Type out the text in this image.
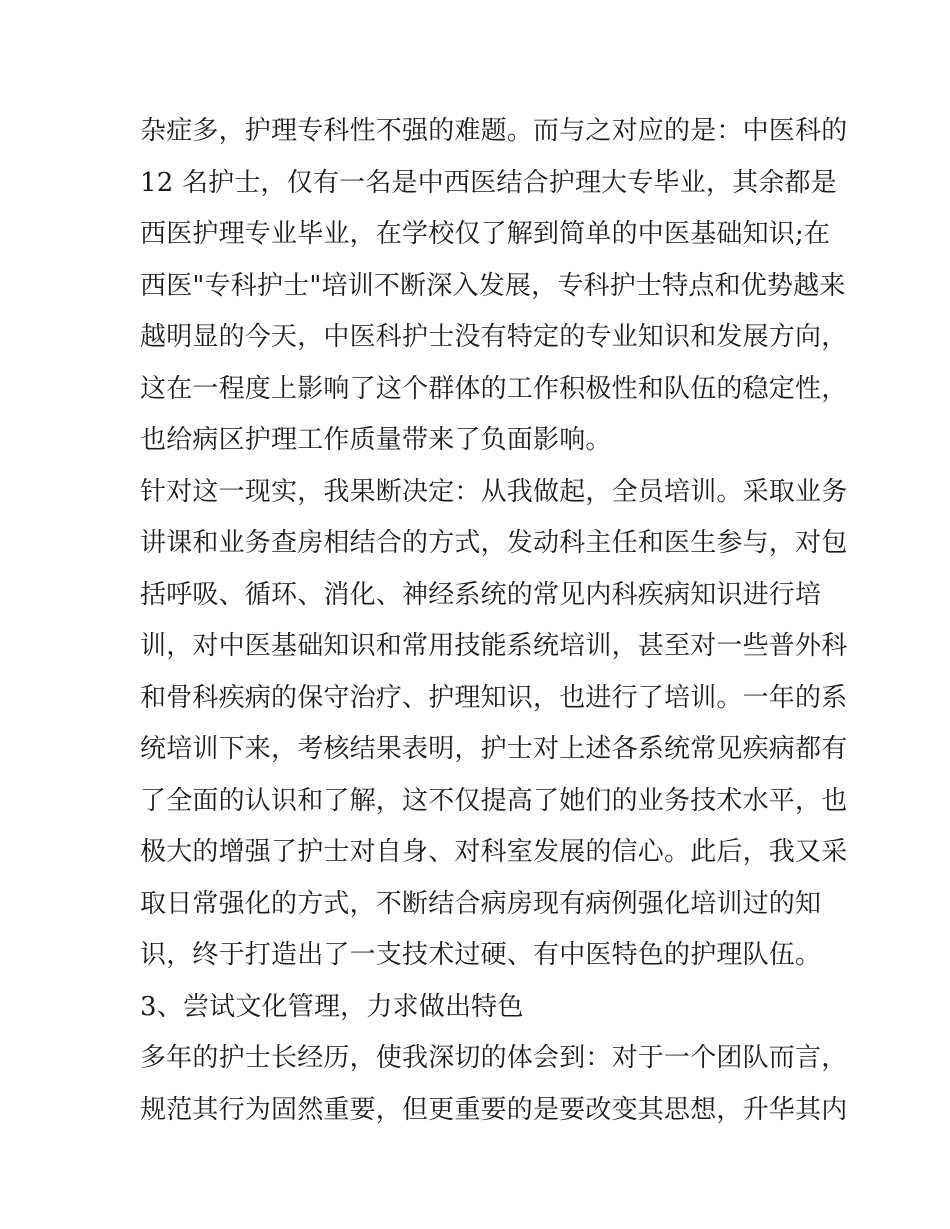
杂症多，护理专科性不强的难题。而与之对应的是：中医科的
12 名护士，仅有一名是中西医结合护理大专毕业，其余都是
西医护理专业毕业，在学校仅了解到简单的中医基础知识;在
西医"专科护士"培训不断深入发展，专科护士特点和优势越来
越明显的今天，中医科护士没有特定的专业知识和发展方向，
这在一程度上影响了这个群体的工作积极性和队伍的稳定性，
也给病区护理工作质量带来了负面影响。
针对这一现实，我果断决定：从我做起，全员培训。采取业务
讲课和业务查房相结合的方式，发动科主任和医生参与，对包
括呼吸、循环、消化、神经系统的常见内科疾病知识进行培
训，对中医基础知识和常用技能系统培训，甚至对一些普外科
和骨科疾病的保守治疗、护理知识，也进行了培训。一年的系
统培训下来，考核结果表明，护士对上述各系统常见疾病都有
了全面的认识和了解，这不仅提高了她们的业务技术水平，也
极大的增强了护士对自身、对科室发展的信心。此后，我又采
取日常强化的方式，不断结合病房现有病例强化培训过的知
识，终于打造出了一支技术过硬、有中医特色的护理队伍。
3、尝试文化管理，力求做出特色
多年的护士长经历，使我深切的体会到：对于一个团队而言，
规范其行为固然重要，但更重要的是要改变其思想，升华其内
